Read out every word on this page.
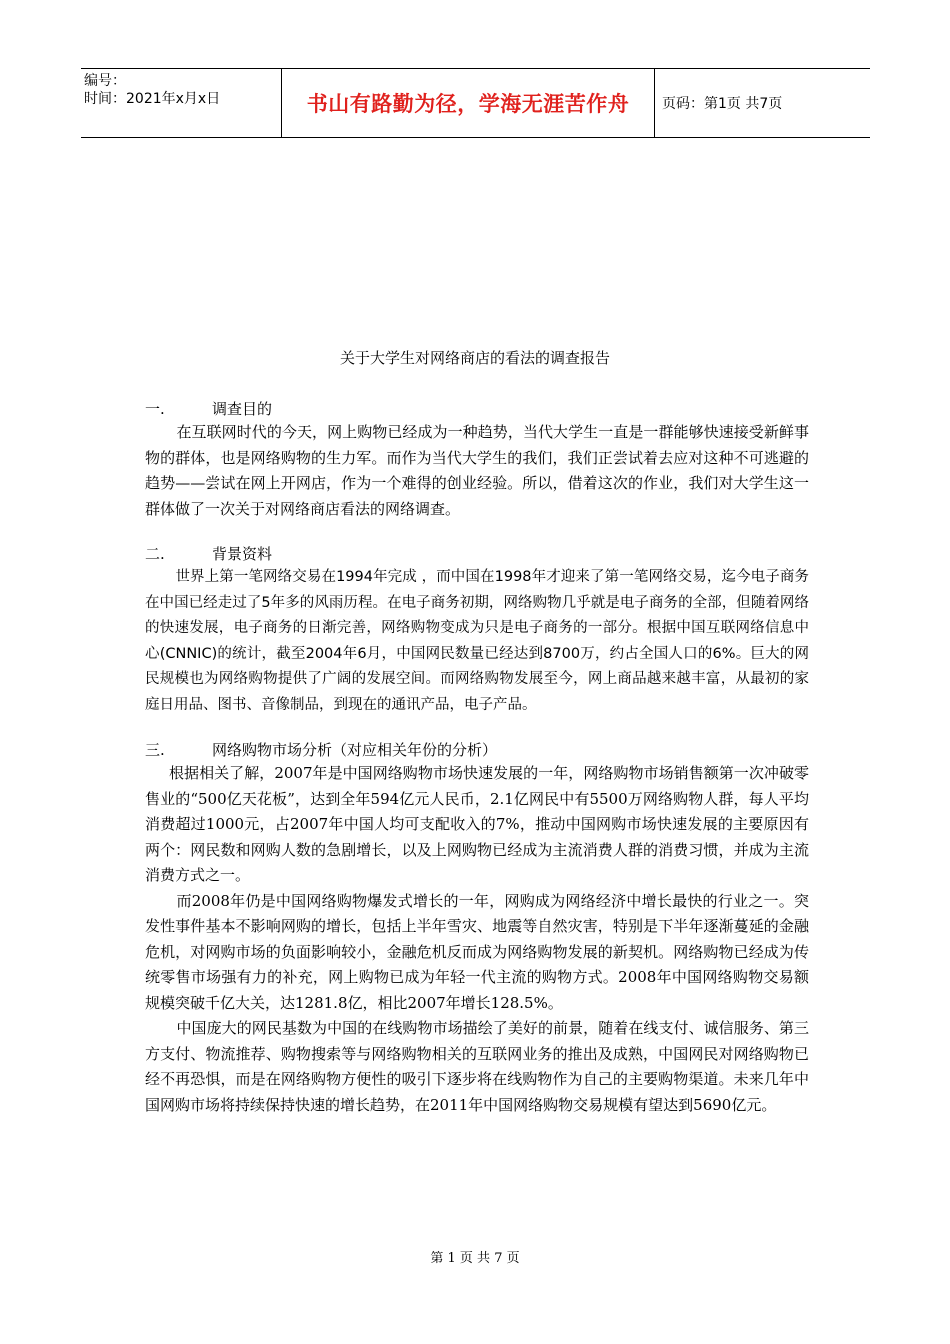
编号：
时间：2021年x月x日	书山有路勤为径，学海无涯苦作舟 页码：第1页 共7页
关于大学生对网络商店的看法的调查报告
一.	调查目的

在互联网时代的今天，网上购物已经成为一种趋势，当代大学生一直是一群能够快速接受新鲜事物的群体，也是网络购物的生力军。而作为当代大学生的我们，我们正尝试着去应对这种不可逃避的趋势——尝试在网上开网店，作为一个难得的创业经验。所以，借着这次的作业，我们对大学生这一群体做了一次关于对网络商店看法的网络调查。

二.	背景资料

世界上第一笔网络交易在1994年完成 ，而中国在1998年才迎来了第一笔网络交易，迄今电子商务在中国已经走过了5年多的风雨历程。在电子商务初期，网络购物几乎就是电子商务的全部，但随着网络的快速发展，电子商务的日渐完善，网络购物变成为只是电子商务的一部分。根据中国互联网络信息中心(CNNIC)的统计，截至2004年6月，中国网民数量已经达到8700万，约占全国人口的6%。巨大的网民规模也为网络购物提供了广阔的发展空间。而网络购物发展至今，网上商品越来越丰富，从最初的家庭日用品、图书、音像制品，到现在的通讯产品，电子产品。

三.	网络购物市场分析（对应相关年份的分析）

根据相关了解，2007年是中国网络购物市场快速发展的一年，网络购物市场销售额第一次冲破零售业的“500亿天花板”，达到全年594亿元人民币，2.1亿网民中有5500万网络购物人群，每人平均消费超过1000元，占2007年中国人均可支配收入的7%，推动中国网购市场快速发展的主要原因有两个：网民数和网购人数的急剧增长，以及上网购物已经成为主流消费人群的消费习惯，并成为主流消费方式之一。

而2008年仍是中国网络购物爆发式增长的一年，网购成为网络经济中增长最快的行业之一。突发性事件基本不影响网购的增长，包括上半年雪灾、地震等自然灾害，特别是下半年逐渐蔓延的金融危机，对网购市场的负面影响较小，金融危机反而成为网络购物发展的新契机。网络购物已经成为传统零售市场强有力的补充，网上购物已成为年轻一代主流的购物方式。2008年中国网络购物交易额规模突破千亿大关，达1281.8亿，相比2007年增长128.5%。

中国庞大的网民基数为中国的在线购物市场描绘了美好的前景，随着在线支付、诚信服务、第三方支付、物流推荐、购物搜索等与网络购物相关的互联网业务的推出及成熟，中国网民对网络购物已经不再恐惧，而是在网络购物方便性的吸引下逐步将在线购物作为自己的主要购物渠道。未来几年中国网购市场将持续保持快速的增长趋势，在2011年中国网络购物交易规模有望达到5690亿元。

第 1 页 共 7 页
